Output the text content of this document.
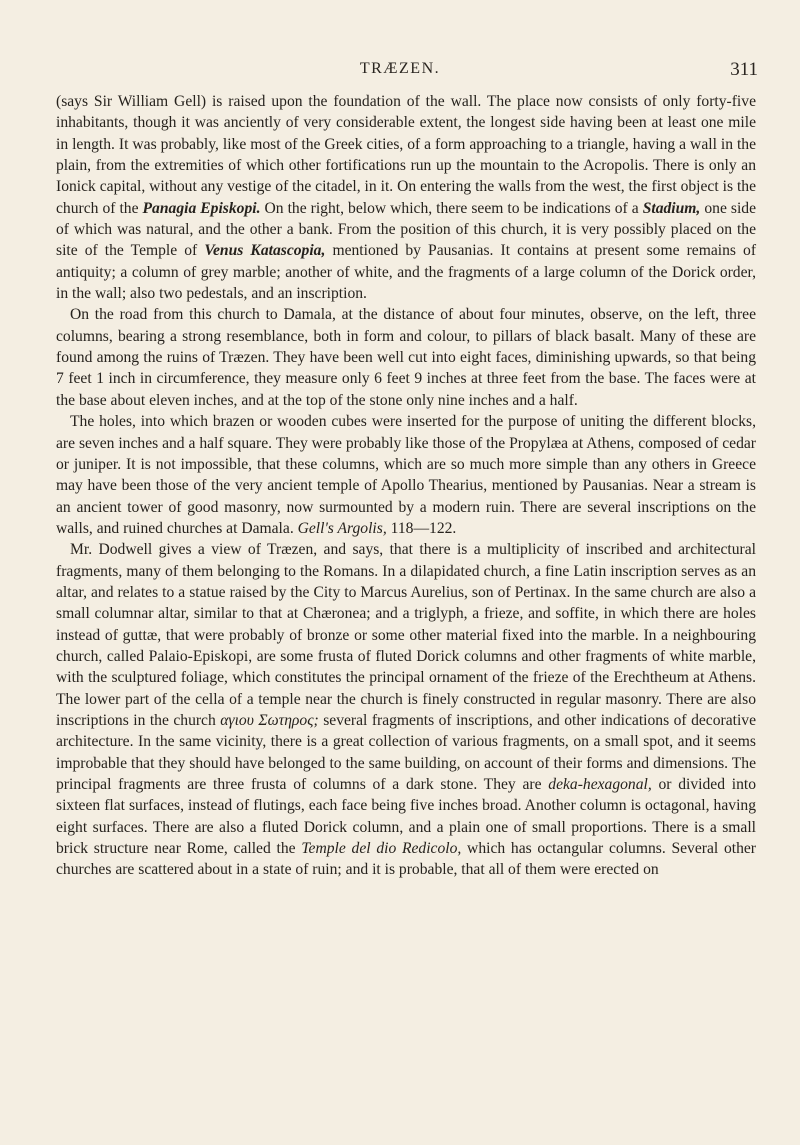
TRÆZEN.	311

(says Sir William Gell) is raised upon the foundation of the wall. The place now consists of only forty-five inhabitants, though it was anciently of very considerable extent, the longest side having been at least one mile in length. It was probably, like most of the Greek cities, of a form approaching to a triangle, having a wall in the plain, from the extremities of which other fortifications run up the mountain to the Acropolis. There is only an Ionick capital, without any vestige of the citadel, in it. On entering the walls from the west, the first object is the church of the Panagia Episkopi. On the right, below which, there seem to be indications of a Stadium, one side of which was natural, and the other a bank. From the position of this church, it is very possibly placed on the site of the Temple of Venus Katascopia, mentioned by Pausanias. It contains at present some remains of antiquity; a column of grey marble; another of white, and the fragments of a large column of the Dorick order, in the wall; also two pedestals, and an inscription.

On the road from this church to Damala, at the distance of about four minutes, observe, on the left, three columns, bearing a strong resemblance, both in form and colour, to pillars of black basalt. Many of these are found among the ruins of Træzen. They have been well cut into eight faces, diminishing upwards, so that being 7 feet 1 inch in circumference, they measure only 6 feet 9 inches at three feet from the base. The faces were at the base about eleven inches, and at the top of the stone only nine inches and a half.

The holes, into which brazen or wooden cubes were inserted for the purpose of uniting the different blocks, are seven inches and a half square. They were probably like those of the Propylæa at Athens, composed of cedar or juniper. It is not impossible, that these columns, which are so much more simple than any others in Greece may have been those of the very ancient temple of Apollo Thearius, mentioned by Pausanias. Near a stream is an ancient tower of good masonry, now surmounted by a modern ruin. There are several inscriptions on the walls, and ruined churches at Damala. Gell's Argolis, 118—122.

Mr. Dodwell gives a view of Træzen, and says, that there is a multiplicity of inscribed and architectural fragments, many of them belonging to the Romans. In a dilapidated church, a fine Latin inscription serves as an altar, and relates to a statue raised by the City to Marcus Aurelius, son of Pertinax. In the same church are also a small columnar altar, similar to that at Chæronea; and a triglyph, a frieze, and soffite, in which there are holes instead of guttæ, that were probably of bronze or some other material fixed into the marble. In a neighbouring church, called Palaio-Episkopi, are some frusta of fluted Dorick columns and other fragments of white marble, with the sculptured foliage, which constitutes the principal ornament of the frieze of the Erechtheum at Athens. The lower part of the cella of a temple near the church is finely constructed in regular masonry. There are also inscriptions in the church αγιου Σωτηρος; several fragments of inscriptions, and other indications of decorative architecture. In the same vicinity, there is a great collection of various fragments, on a small spot, and it seems improbable that they should have belonged to the same building, on account of their forms and dimensions. The principal fragments are three frusta of columns of a dark stone. They are deka-hexagonal, or divided into sixteen flat surfaces, instead of flutings, each face being five inches broad. Another column is octagonal, having eight surfaces. There are also a fluted Dorick column, and a plain one of small proportions. There is a small brick structure near Rome, called the Temple del dio Redicolo, which has octangular columns. Several other churches are scattered about in a state of ruin; and it is probable, that all of them were erected on
